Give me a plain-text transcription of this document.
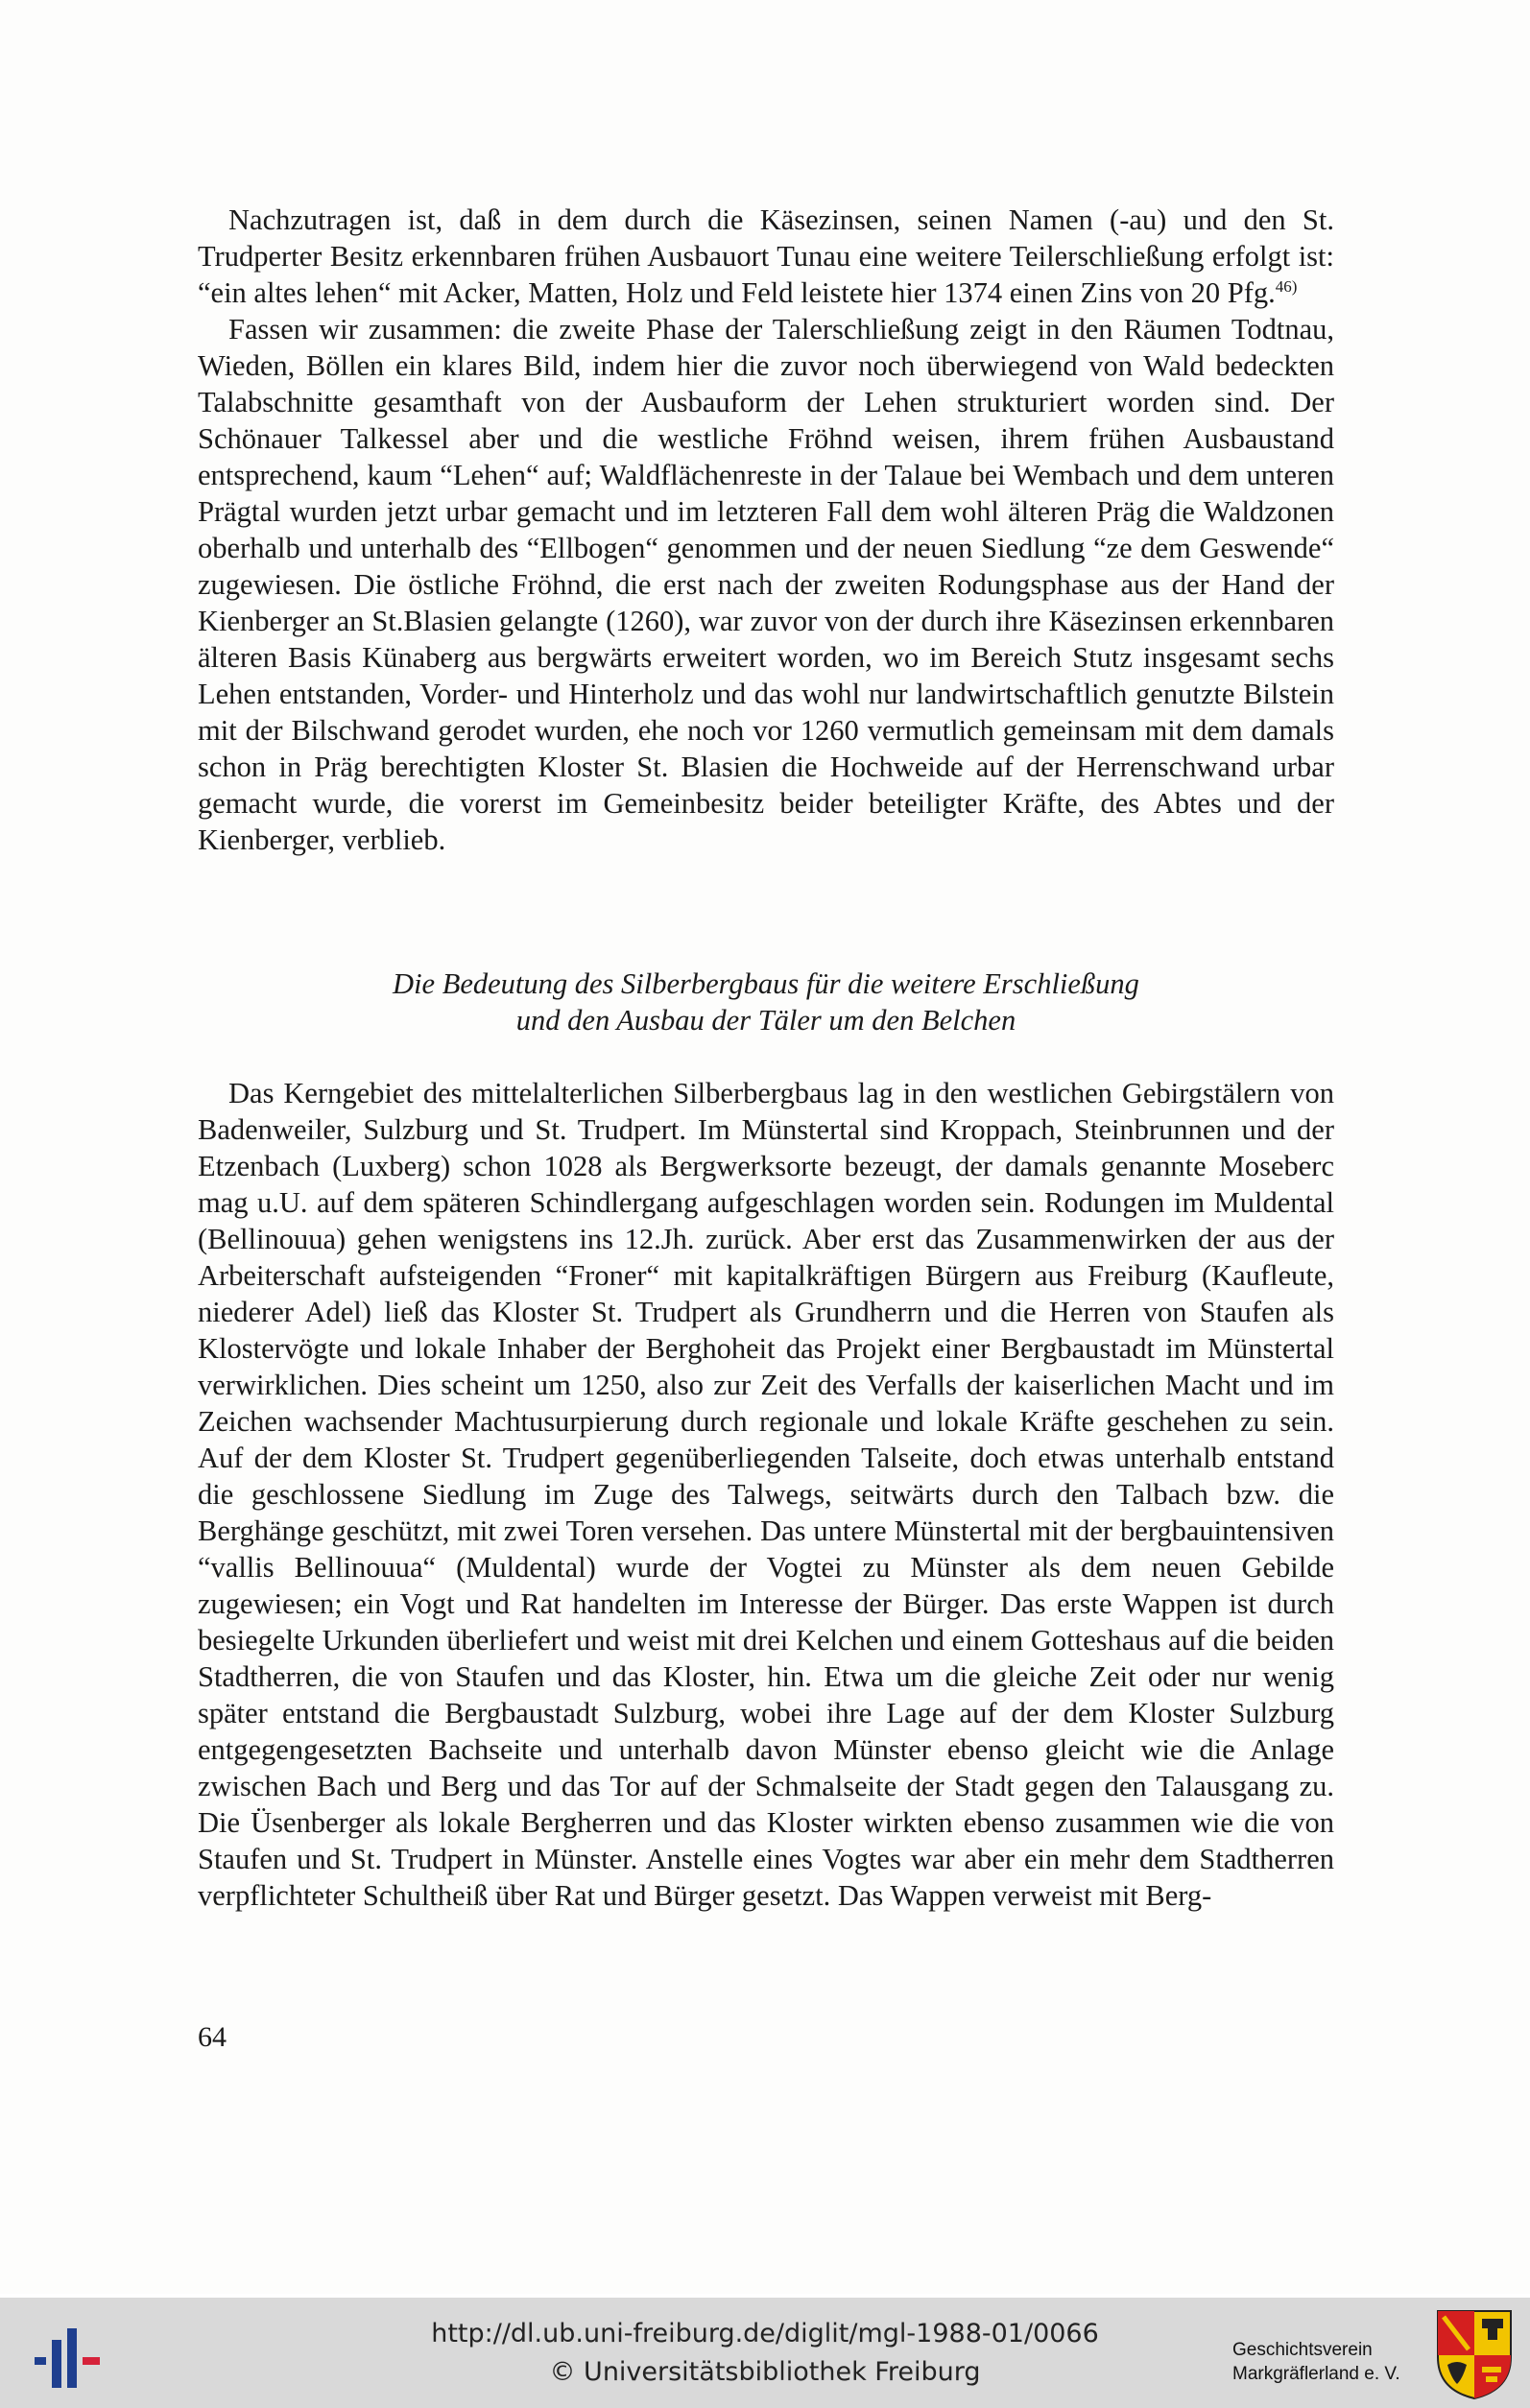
Nachzutragen ist, daß in dem durch die Käsezinsen, seinen Namen (-au) und den St. Trudperter Besitz erkennbaren frühen Ausbauort Tunau eine weitere Teilerschließung erfolgt ist: “ein altes lehen“ mit Acker, Matten, Holz und Feld leistete hier 1374 einen Zins von 20 Pfg.$^{46)}$

Fassen wir zusammen: die zweite Phase der Talerschließung zeigt in den Räumen Todtnau, Wieden, Böllen ein klares Bild, indem hier die zuvor noch überwiegend von Wald bedeckten Talabschnitte gesamthaft von der Ausbauform der Lehen strukturiert worden sind. Der Schönauer Talkessel aber und die westliche Fröhnd weisen, ihrem frühen Ausbaustand entsprechend, kaum “Lehen“ auf; Waldflächenreste in der Talaue bei Wembach und dem unteren Prägtal wurden jetzt urbar gemacht und im letzteren Fall dem wohl älteren Präg die Waldzonen oberhalb und unterhalb des “Ellbogen“ genommen und der neuen Siedlung “ze dem Geswende“ zugewiesen. Die östliche Fröhnd, die erst nach der zweiten Rodungsphase aus der Hand der Kienberger an St.Blasien gelangte (1260), war zuvor von der durch ihre Käsezinsen erkennbaren älteren Basis Künaberg aus bergwärts erweitert worden, wo im Bereich Stutz insgesamt sechs Lehen entstanden, Vorder- und Hinterholz und das wohl nur landwirtschaftlich genutzte Bilstein mit der Bilschwand gerodet wurden, ehe noch vor 1260 vermutlich gemeinsam mit dem damals schon in Präg berechtigten Kloster St. Blasien die Hochweide auf der Herrenschwand urbar gemacht wurde, die vorerst im Gemeinbesitz beider beteiligter Kräfte, des Abtes und der Kienberger, verblieb.

Die Bedeutung des Silberbergbaus für die weitere Erschließung
und den Ausbau der Täler um den Belchen

Das Kerngebiet des mittelalterlichen Silberbergbaus lag in den westlichen Gebirgstälern von Badenweiler, Sulzburg und St. Trudpert. Im Münstertal sind Kroppach, Steinbrunnen und der Etzenbach (Luxberg) schon 1028 als Bergwerksorte bezeugt, der damals genannte Moseberc mag u.U. auf dem späteren Schindlergang aufgeschlagen worden sein. Rodungen im Muldental (Bellinouua) gehen wenigstens ins 12.Jh. zurück. Aber erst das Zusammenwirken der aus der Arbeiterschaft aufsteigenden “Froner“ mit kapitalkräftigen Bürgern aus Freiburg (Kaufleute, niederer Adel) ließ das Kloster St. Trudpert als Grundherrn und die Herren von Staufen als Klostervögte und lokale Inhaber der Berghoheit das Projekt einer Bergbaustadt im Münstertal verwirklichen. Dies scheint um 1250, also zur Zeit des Verfalls der kaiserlichen Macht und im Zeichen wachsender Machtusurpierung durch regionale und lokale Kräfte geschehen zu sein. Auf der dem Kloster St. Trudpert gegenüberliegenden Talseite, doch etwas unterhalb entstand die geschlossene Siedlung im Zuge des Talwegs, seitwärts durch den Talbach bzw. die Berghänge geschützt, mit zwei Toren versehen. Das untere Münstertal mit der bergbauintensiven “vallis Bellinouua“ (Muldental) wurde der Vogtei zu Münster als dem neuen Gebilde zugewiesen; ein Vogt und Rat handelten im Interesse der Bürger. Das erste Wappen ist durch besiegelte Urkunden überliefert und weist mit drei Kelchen und einem Gotteshaus auf die beiden Stadtherren, die von Staufen und das Kloster, hin. Etwa um die gleiche Zeit oder nur wenig später entstand die Bergbaustadt Sulzburg, wobei ihre Lage auf der dem Kloster Sulzburg entgegengesetzten Bachseite und unterhalb davon Münster ebenso gleicht wie die Anlage zwischen Bach und Berg und das Tor auf der Schmalseite der Stadt gegen den Talausgang zu. Die Üsenberger als lokale Bergherren und das Kloster wirkten ebenso zusammen wie die von Staufen und St. Trudpert in Münster. Anstelle eines Vogtes war aber ein mehr dem Stadtherren verpflichteter Schultheiß über Rat und Bürger gesetzt. Das Wappen verweist mit Berg-

64
http://dl.ub.uni-freiburg.de/diglit/mgl-1988-01/0066
© Universitätsbibliothek Freiburg
Geschichtsverein
Markgräflerland e. V.
